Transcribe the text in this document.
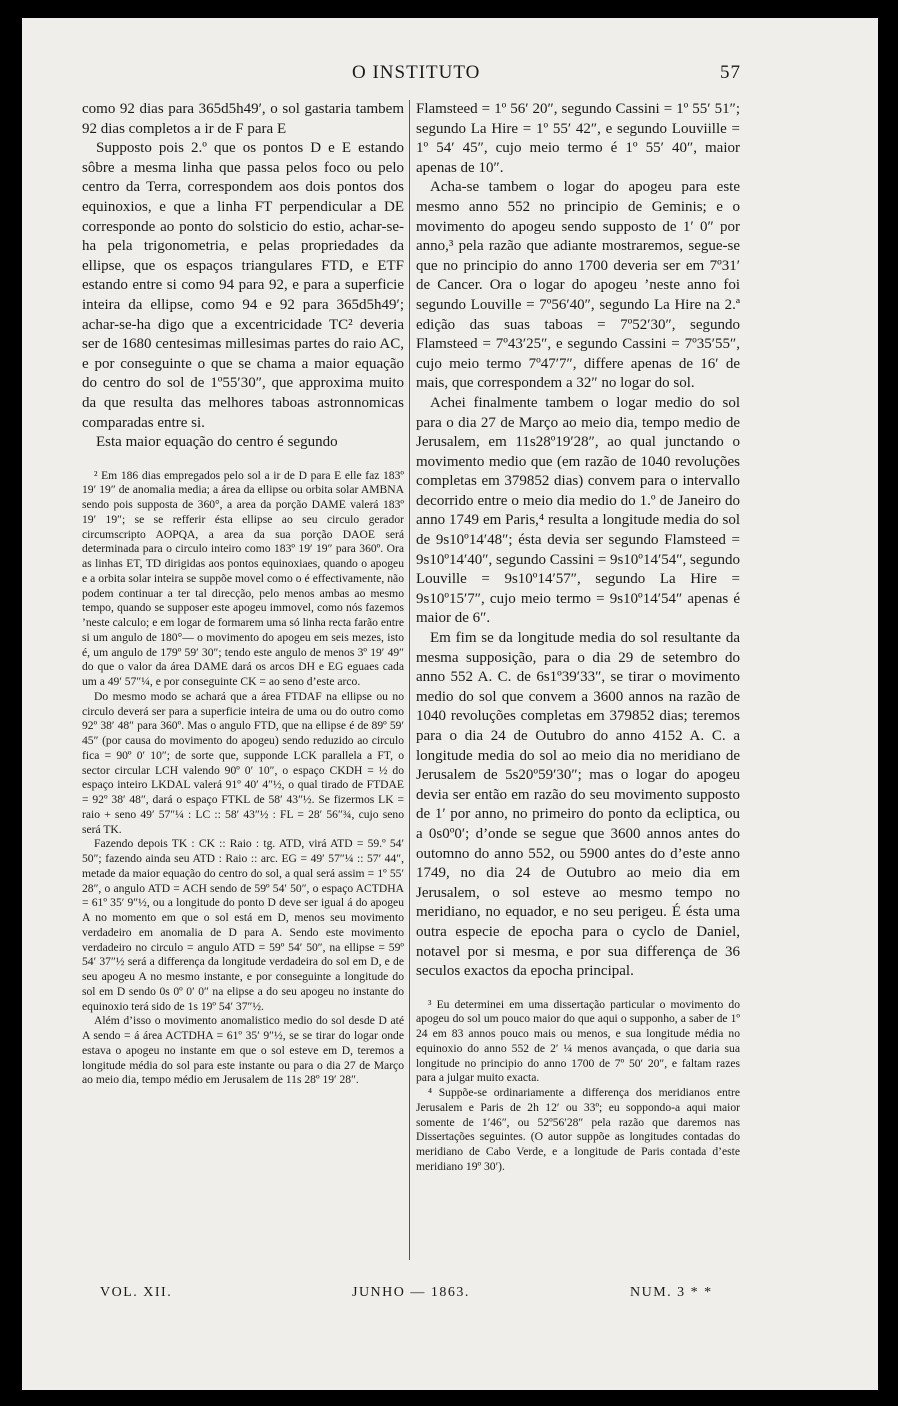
O INSTITUTO	57

como 92 dias para 365d5h49′, o sol gastaria tambem 92 dias completos a ir de F para E

Supposto pois 2.º que os pontos D e E estando sôbre a mesma linha que passa pelos foco ou pelo centro da Terra, correspondem aos dois pontos dos equinoxios, e que a linha FT perpendicular a DE corresponde ao ponto do solsticio do estio, achar-se-ha pela trigonometria, e pelas propriedades da ellipse, que os espaços triangulares FTD, e ETF estando entre si como 94 para 92, e para a superficie inteira da ellipse, como 94 e 92 para 365d5h49′; achar-se-ha digo que a excentricidade TC² deveria ser de 1680 centesimas millesimas partes do raio AC, e por conseguinte o que se chama a maior equação do centro do sol de 1º55′30″, que approxima muito da que resulta das melhores taboas astronnomicas comparadas entre si.

Esta maior equação do centro é segundo

² Em 186 dias empregados pelo sol a ir de D para E elle faz 183º 19′ 19″ de anomalia media; a área da ellipse ou orbita solar AMBNA sendo pois supposta de 360°, a area da porção DAME valerá 183º 19′ 19″; se se refferir ésta ellipse ao seu circulo gerador circumscripto AOPQA, a area da sua porção DAOE será determinada para o circulo inteiro como 183º 19′ 19″ para 360º. Ora as linhas ET, TD dirigidas aos pontos equinoxiaes, quando o apogeu e a orbita solar inteira se suppõe movel como o é effectivamente, não podem continuar a ter tal direcção, pelo menos ambas ao mesmo tempo, quando se supposer este apogeu immovel, como nós fazemos ’neste calculo; e em logar de formarem uma só linha recta farão entre si um angulo de 180°— o movimento do apogeu em seis mezes, isto é, um angulo de 179º 59′ 30″; tendo este angulo de menos 3º 19′ 49″ do que o valor da área DAME dará os arcos DH e EG eguaes cada um a 49′ 57″¼, e por conseguinte CK = ao seno d’este arco.

Do mesmo modo se achará que a área FTDAF na ellipse ou no circulo deverá ser para a superficie inteira de uma ou do outro como 92º 38′ 48″ para 360º. Mas o angulo FTD, que na ellipse é de 89º 59′ 45″ (por causa do movimento do apogeu) sendo reduzido ao circulo fica = 90º 0′ 10″; de sorte que, supponde LCK parallela a FT, o sector circular LCH valendo 90º 0′ 10″, o espaço CKDH = ½ do espaço inteiro LKDAL valerá 91º 40′ 4″½, o qual tirado de FTDAE = 92º 38′ 48″, dará o espaço FTKL de 58′ 43″½. Se fizermos LK = raio + seno 49′ 57″¼ : LC :: 58′ 43″½ : FL = 28′ 56″¾, cujo seno será TK.

Fazendo depois TK : CK :: Raio : tg. ATD, virá ATD = 59.º 54′ 50″; fazendo ainda seu ATD : Raio :: arc. EG = 49′ 57″¼ :: 57′ 44″, metade da maior equação do centro do sol, a qual será assim = 1º 55′ 28″, o angulo ATD = ACH sendo de 59º 54′ 50″, o espaço ACTDHA = 61º 35′ 9″½, ou a longitude do ponto D deve ser igual á do apogeu A no momento em que o sol está em D, menos seu movimento verdadeiro em anomalia de D para A. Sendo este movimento verdadeiro no circulo = angulo ATD = 59º 54′ 50″, na ellipse = 59º 54′ 37″½ será a differença da longitude verdadeira do sol em D, e de seu apogeu A no mesmo instante, e por conseguinte a longitude do sol em D sendo 0s 0º 0′ 0″ na elipse a do seu apogeu no instante do equinoxio terá sido de 1s 19º 54′ 37″½.

Além d’isso o movimento anomalistico medio do sol desde D até A sendo = á área ACTDHA = 61º 35′ 9″½, se se tirar do logar onde estava o apogeu no instante em que o sol esteve em D, teremos a longitude média do sol para este instante ou para o dia 27 de Março ao meio dia, tempo médio em Jerusalem de 11s 28º 19′ 28″.

Flamsteed = 1º 56′ 20″, segundo Cassini = 1º 55′ 51″; segundo La Hire = 1º 55′ 42″, e segundo Louviille = 1º 54′ 45″, cujo meio termo é 1º 55′ 40″, maior apenas de 10″.

Acha-se tambem o logar do apogeu para este mesmo anno 552 no principio de Geminis; e o movimento do apogeu sendo supposto de 1′ 0″ por anno,³ pela razão que adiante mostraremos, segue-se que no principio do anno 1700 deveria ser em 7º31′ de Cancer. Ora o logar do apogeu ’neste anno foi segundo Louville = 7º56′40″, segundo La Hire na 2.ª edição das suas taboas = 7º52′30″, segundo Flamsteed = 7º43′25″, e segundo Cassini = 7º35′55″, cujo meio termo 7º47′7″, differe apenas de 16′ de mais, que correspondem a 32″ no logar do sol.

Achei finalmente tambem o logar medio do sol para o dia 27 de Março ao meio dia, tempo medio de Jerusalem, em 11s28º19′28″, ao qual junctando o movimento medio que (em razão de 1040 revoluções completas em 379852 dias) convem para o intervallo decorrido entre o meio dia medio do 1.º de Janeiro do anno 1749 em Paris,⁴ resulta a longitude media do sol de 9s10º14′48″; ésta devia ser segundo Flamsteed = 9s10º14′40″, segundo Cassini = 9s10º14′54″, segundo Louville = 9s10º14′57″, segundo La Hire = 9s10º15′7″, cujo meio termo = 9s10º14′54″ apenas é maior de 6″.

Em fim se da longitude media do sol resultante da mesma supposição, para o dia 29 de setembro do anno 552 A. C. de 6s1º39′33″, se tirar o movimento medio do sol que convem a 3600 annos na razão de 1040 revoluções completas em 379852 dias; teremos para o dia 24 de Outubro do anno 4152 A. C. a longitude media do sol ao meio dia no meridiano de Jerusalem de 5s20º59′30″; mas o logar do apogeu devia ser então em razão do seu movimento supposto de 1′ por anno, no primeiro do ponto da ecliptica, ou a 0s0º0′; d’onde se segue que 3600 annos antes do outomno do anno 552, ou 5900 antes do d’este anno 1749, no dia 24 de Outubro ao meio dia em Jerusalem, o sol esteve ao mesmo tempo no meridiano, no equador, e no seu perigeu. É ésta uma outra especie de epocha para o cyclo de Daniel, notavel por si mesma, e por sua differença de 36 seculos exactos da epocha principal.

³ Eu determinei em uma dissertação particular o movimento do apogeu do sol um pouco maior do que aqui o supponho, a saber de 1º 24 em 83 annos pouco mais ou menos, e sua longitude média no equinoxio do anno 552 de 2′ ¼ menos avançada, o que daria sua longitude no principio do anno 1700 de 7º 50′ 20″, e faltam razes para a julgar muito exacta.

⁴ Suppõe-se ordinariamente a differença dos meridianos entre Jerusalem e Paris de 2h 12′ ou 33º; eu soppondo-a aqui maior somente de 1′46″, ou 52º56′28″ pela razão que daremos nas Dissertações seguintes. (O autor suppõe as longitudes contadas do meridiano de Cabo Verde, e a longitude de Paris contada d’este meridiano 19º 30′).

VOL. XII.	JUNHO — 1863.	NUM. 3 * *
